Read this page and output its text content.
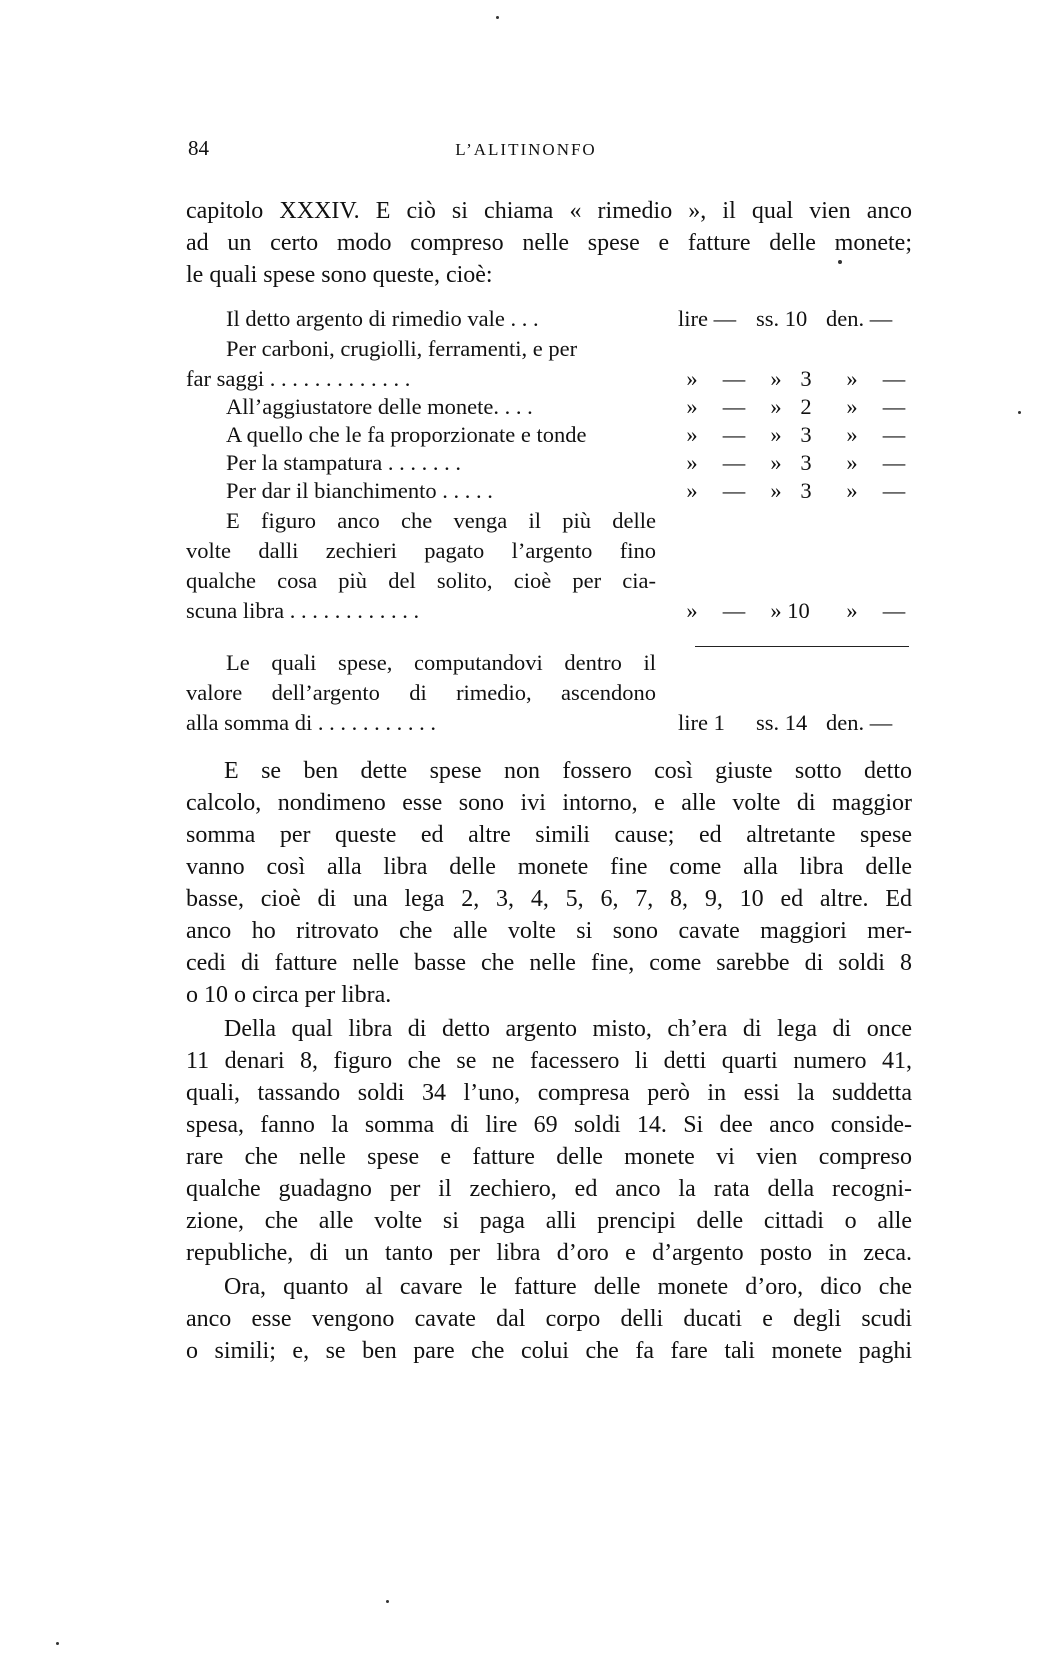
84	L’ALITINONFO
capitolo XXXIV. E ciò si chiama « rimedio », il qual vien anco
ad un certo modo compreso nelle spese e fatture delle monete;
le quali spese sono queste, cioè:
Il detto argento di rimedio vale . . .	lire — ss. 10 den. —
Per carboni, crugiolli, ferramenti, e per
far saggi . . . . . . . . . . . . .	» — » 3 » —
All’aggiustatore delle monete. . . .	» — » 2 » —
A quello che le fa proporzionate e tonde	» — » 3 » —
Per la stampatura . . . . . . .	» — » 3 » —
Per dar il bianchimento . . . . .	» — » 3 » —
E figuro anco che venga il più delle
volte dalli zechieri pagato l’argento fino
qualche cosa più del solito, cioè per cia-
scuna libra . . . . . . . . . . . .	» —	» 10	» —
Le quali spese, computandovi dentro il
valore dell’argento di rimedio, ascendono
alla somma di . . . . . . . . . . .	lire 1 ss. 14 den. —
E se ben dette spese non fossero così giuste sotto detto
calcolo, nondimeno esse sono ivi intorno, e alle volte di maggior
somma per queste ed altre simili cause; ed altretante spese
vanno così alla libra delle monete fine come alla libra delle
basse, cioè di una lega 2, 3, 4, 5, 6, 7, 8, 9, 10 ed altre. Ed
anco ho ritrovato che alle volte si sono cavate maggiori mer-
cedi di fatture nelle basse che nelle fine, come sarebbe di soldi 8
o 10 o circa per libra.
Della qual libra di detto argento misto, ch’era di lega di once
11 denari 8, figuro che se ne facessero li detti quarti numero 41,
quali, tassando soldi 34 l’uno, compresa però in essi la suddetta
spesa, fanno la somma di lire 69 soldi 14. Si dee anco conside-
rare che nelle spese e fatture delle monete vi vien compreso
qualche guadagno per il zechiero, ed anco la rata della recogni-
zione, che alle volte si paga alli prencipi delle cittadi o alle
republiche, di un tanto per libra d’oro e d’argento posto in zeca.
Ora, quanto al cavare le fatture delle monete d’oro, dico che
anco esse vengono cavate dal corpo delli ducati e degli scudi
o simili; e, se ben pare che colui che fa fare tali monete paghi
